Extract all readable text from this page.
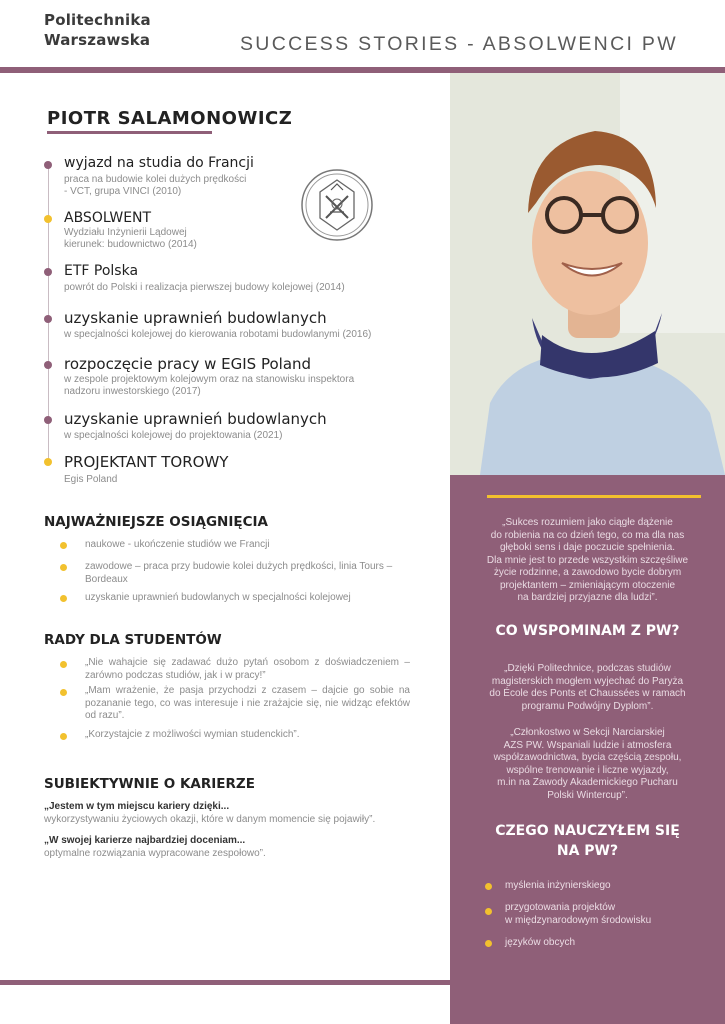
Politechnika
Warszawska	SUCCESS STORIES - ABSOLWENCI PW
„Sukces rozumiem jako ciągłe dążenie
do robienia na co dzień tego, co ma dla nas
głęboki sens i daje poczucie spełnienia.
Dla mnie jest to przede wszystkim szczęśliwe
życie rodzinne, a zawodowo bycie dobrym
projektantem – zmieniającym otoczenie
na bardziej przyjazne dla ludzi”.
CO WSPOMINAM Z PW?
„Dzięki Politechnice, podczas studiów
magisterskich mogłem wyjechać do Paryża
do École des Ponts et Chaussées w ramach
programu Podwójny Dyplom”.
„Członkostwo w Sekcji Narciarskiej
AZS PW. Wspaniali ludzie i atmosfera
współzawodnictwa, bycia częścią zespołu,
wspólne trenowanie i liczne wyjazdy,
m.in na Zawody Akademickiego Pucharu
Polski Wintercup”.
CZEGO NAUCZYŁEM SIĘ
NA PW?
myślenia inżynierskiego
przygotowania projektów
w międzynarodowym środowisku
języków obcych
PIOTR SALAMONOWICZ
wyjazd na studia do Francji
praca na budowie kolei dużych prędkości
- VCT, grupa VINCI (2010)
ABSOLWENT
Wydziału Inżynierii Lądowej
kierunek: budownictwo (2014)
ETF Polska
powrót do Polski i realizacja pierwszej budowy kolejowej (2014)
uzyskanie uprawnień budowlanych
w specjalności kolejowej do kierowania robotami budowlanymi (2016)
rozpoczęcie pracy w EGIS Poland
w zespole projektowym kolejowym oraz na stanowisku inspektora
nadzoru inwestorskiego (2017)
uzyskanie uprawnień budowlanych
w specjalności kolejowej do projektowania (2021)
PROJEKTANT TOROWY
Egis Poland
NAJWAŻNIEJSZE OSIĄGNIĘCIA
naukowe - ukończenie studiów we Francji
zawodowe – praca przy budowie kolei dużych prędkości, linia Tours – Bordeaux
uzyskanie uprawnień budowlanych w specjalności kolejowej
RADY DLA STUDENTÓW
„Nie wahajcie się zadawać dużo pytań osobom z doświadczeniem – zarówno podczas studiów, jak i w pracy!”
„Mam wrażenie, że pasja przychodzi z czasem – dajcie go sobie na pozananie tego, co was interesuje i nie zrażajcie się, nie widząc efektów od razu”.
„Korzystajcie z możliwości wymian studenckich”.
SUBIEKTYWNIE O KARIERZE
„Jestem w tym miejscu kariery dzięki...
wykorzystywaniu życiowych okazji, które w danym momencie się pojawiły”.
„W swojej karierze najbardziej doceniam...
optymalne rozwiązania wypracowane zespołowo”.
